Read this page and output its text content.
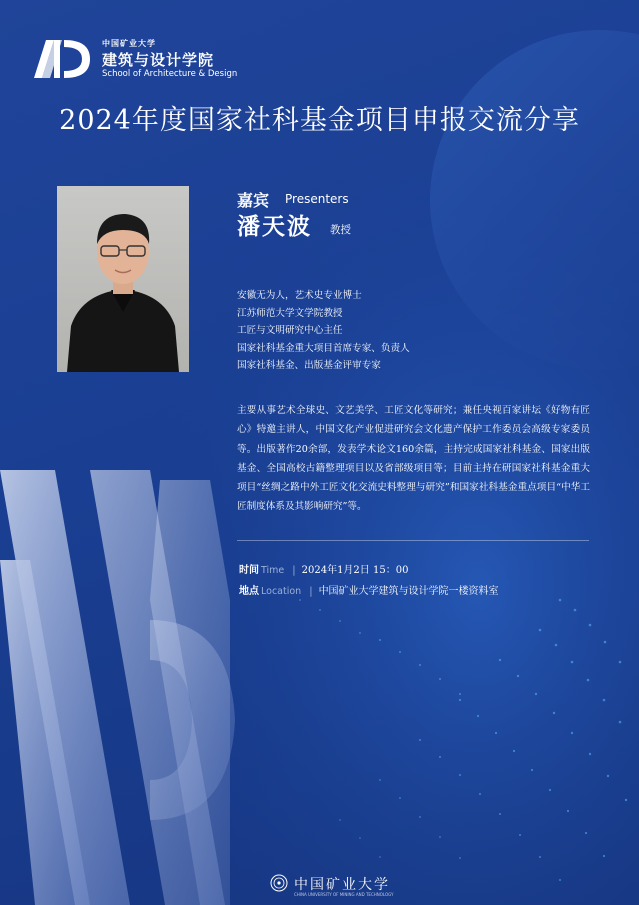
中国矿业大学
建筑与设计学院
School of Architecture & Design
2024年度国家社科基金项目申报交流分享
嘉宾 Presenters
潘天波 教授
安徽无为人，艺术史专业博士
江苏师范大学文学院教授
工匠与文明研究中心主任
国家社科基金重大项目首席专家、负责人
国家社科基金、出版基金评审专家

主要从事艺术全球史、文艺美学、工匠文化等研究；兼任央视百家讲坛《好物有匠心》特邀主讲人，中国文化产业促进研究会文化遗产保护工作委员会高级专家委员等。出版著作20余部，发表学术论文160余篇，主持完成国家社科基金、国家出版基金、全国高校古籍整理项目以及省部级项目等；目前主持在研国家社科基金重大项目“丝绸之路中外工匠文化交流史料整理与研究”和国家社科基金重点项目“中华工匠制度体系及其影响研究”等。

时间 Time | 2024年1月2日 15：00
地点 Location | 中国矿业大学建筑与设计学院一楼资料室
中国矿业大学
CHINA UNIVERSITY OF MINING AND TECHNOLOGY
